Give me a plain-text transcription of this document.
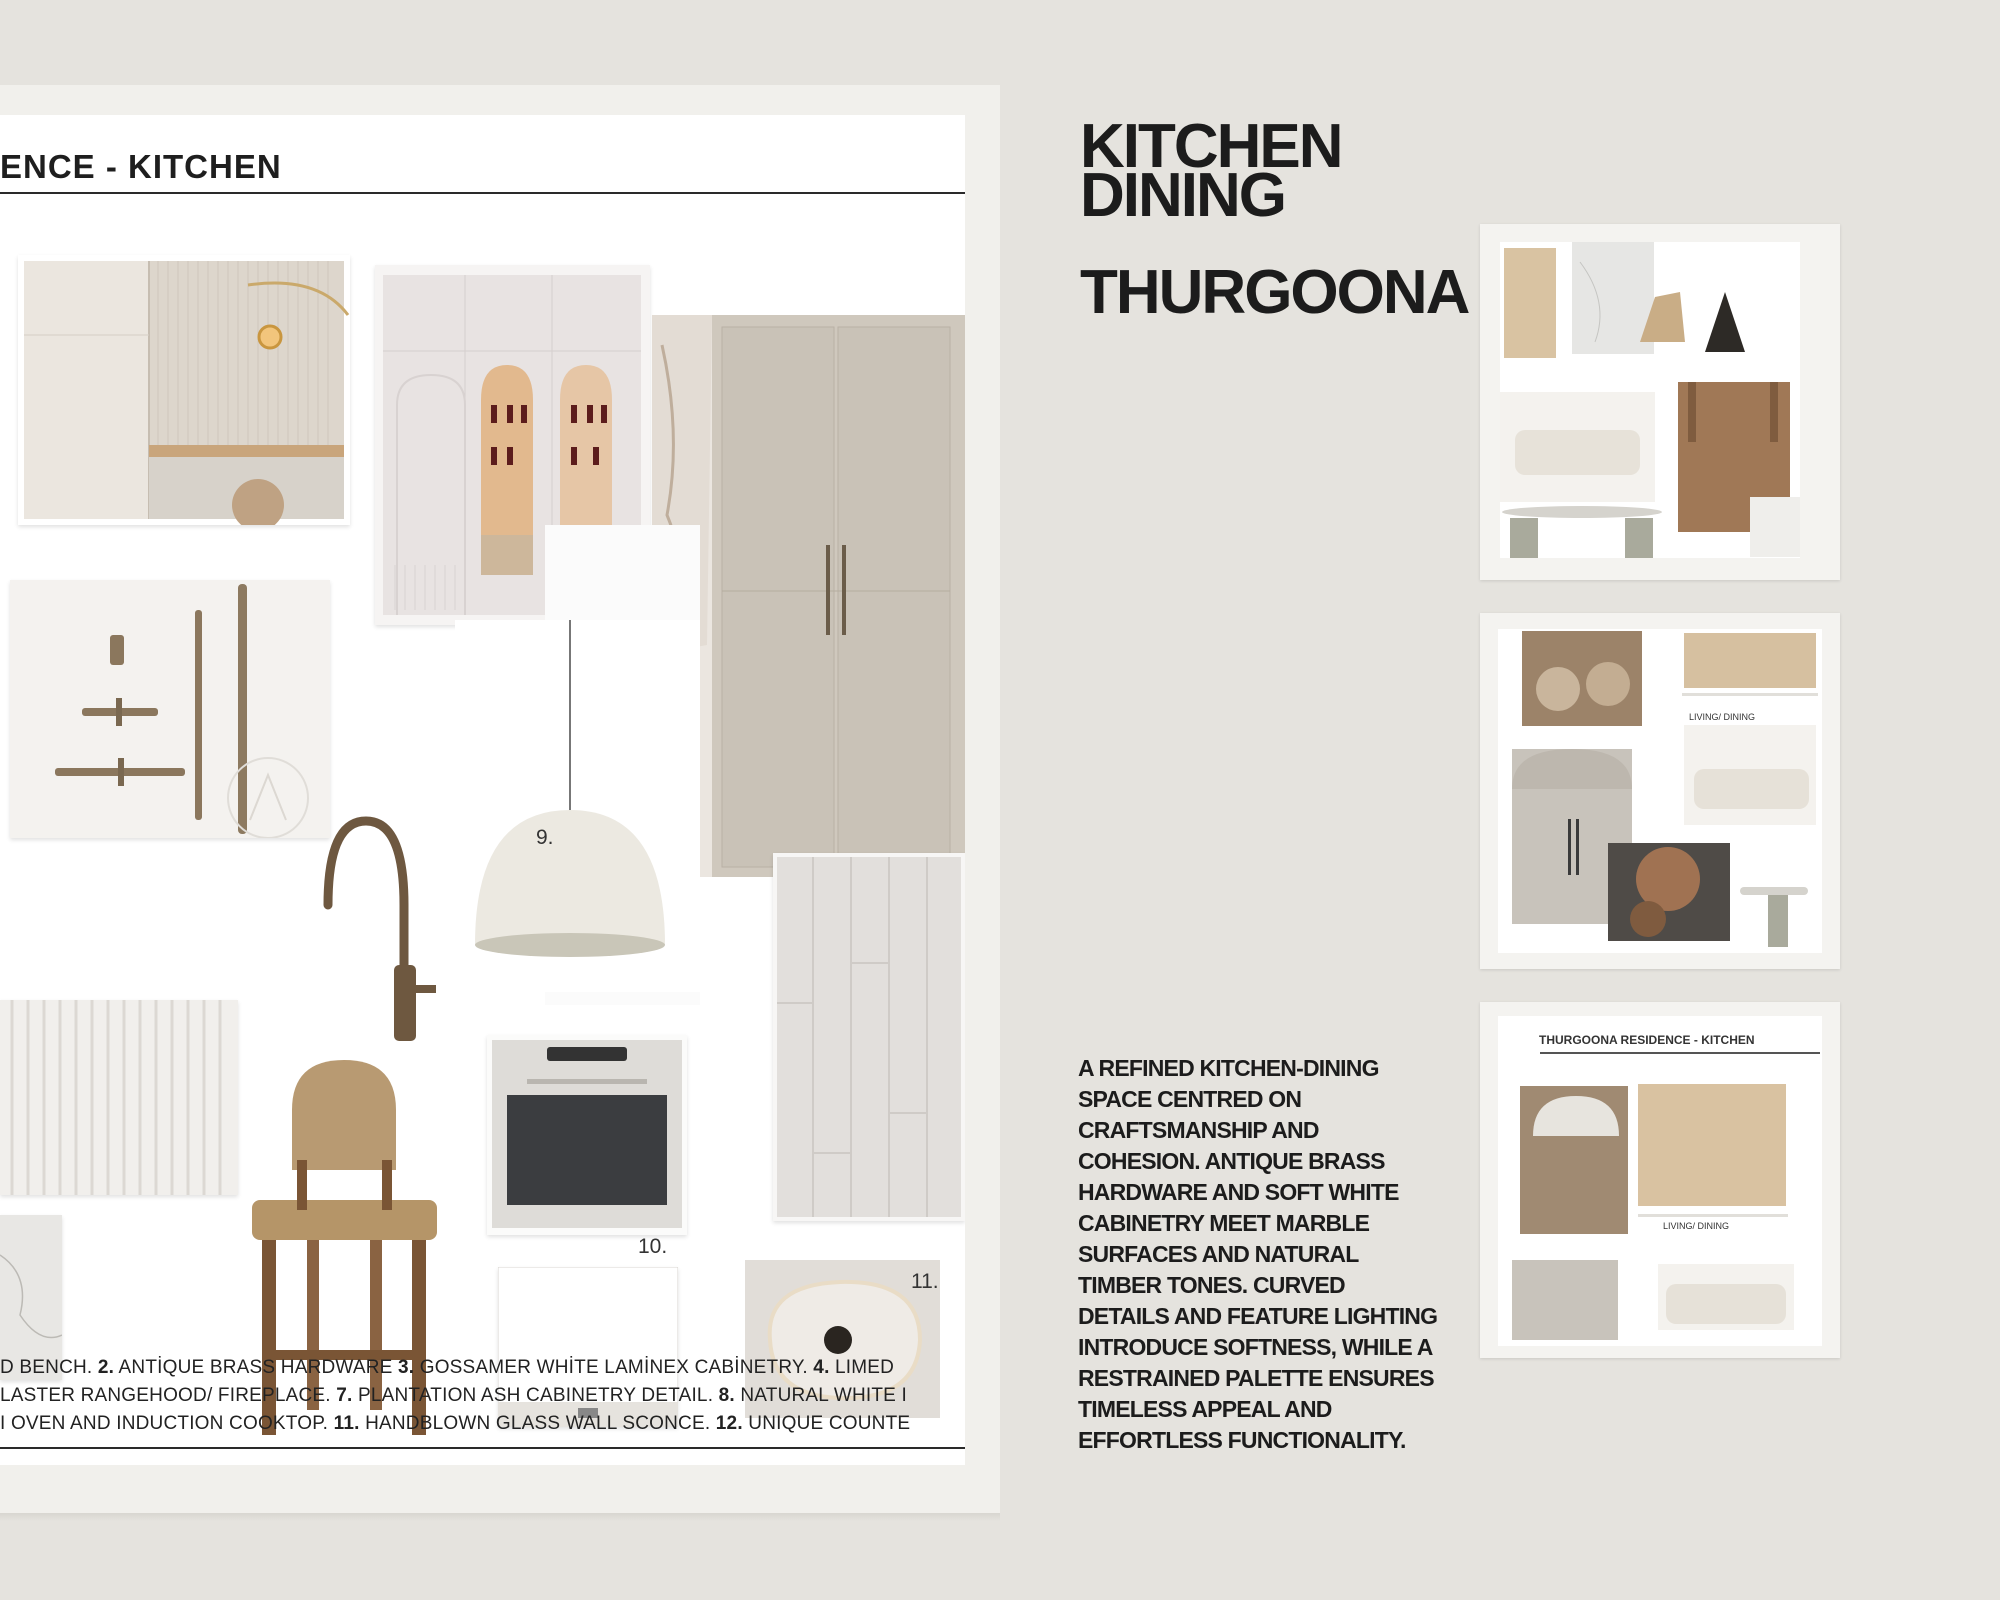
ENCE - KITCHEN
9.
10.
11.
D BENCH. 2. ANTİQUE BRASS HARDWARE 3. GOSSAMER WHİTE LAMİNEX CABİNETRY. 4. LIMED
LASTER RANGEHOOD/ FIREPLACE. 7. PLANTATION ASH CABINETRY DETAIL. 8. NATURAL WHITE I
I OVEN AND INDUCTION COOKTOP. 11. HANDBLOWN GLASS WALL SCONCE. 12. UNIQUE COUNTE
KITCHEN
DINING
THURGOONA
A REFINED KITCHEN-DINING SPACE CENTRED ON CRAFTSMANSHIP AND COHESION. ANTIQUE BRASS HARDWARE AND SOFT WHITE CABINETRY MEET MARBLE SURFACES AND NATURAL TIMBER TONES. CURVED DETAILS AND FEATURE LIGHTING INTRODUCE SOFTNESS, WHILE A RESTRAINED PALETTE ENSURES TIMELESS APPEAL AND EFFORTLESS FUNCTIONALITY.
LIVING/ DINING
THURGOONA RESIDENCE - KITCHEN
LIVING/ DINING
